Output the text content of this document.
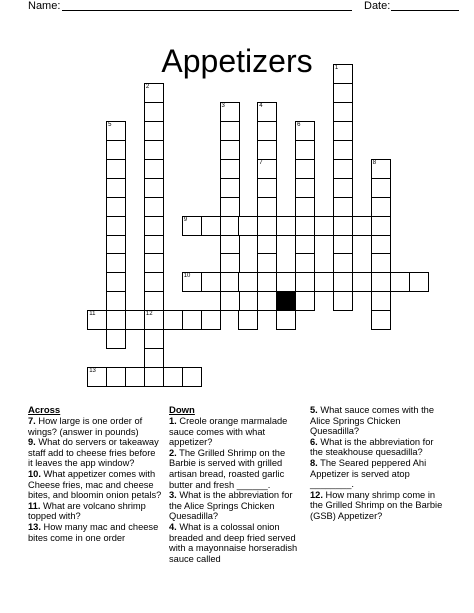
Name:	Date:
Appetizers	1
2
12
3	4
7
5	6
8
9
10
11
13
Across

7. How large is one order of wings? (answer in pounds)

9. What do servers or takeaway staff add to cheese fries before it leaves the app window?

10. What appetizer comes with Cheese fries, mac and cheese bites, and bloomin onion petals?

11. What are volcano shrimp topped with?

13. How many mac and cheese bites come in one order

Down

1. Creole orange marmalade sauce comes with what appetizer?

2. The Grilled Shrimp on the Barbie is served with grilled artisan bread, roasted garlic butter and fresh ______.

3. What is the abbreviation for the Alice Springs Chicken Quesadilla?

4. What is a colossal onion breaded and deep fried served with a mayonnaise horseradish sauce called

5. What sauce comes with the Alice Springs Chicken Quesadilla?

6. What is the abbreviation for the steakhouse quesadilla?

8. The Seared peppered Ahi Appetizer is served atop ________.

12. How many shrimp come in the Grilled Shrimp on the Barbie (GSB) Appetizer?
